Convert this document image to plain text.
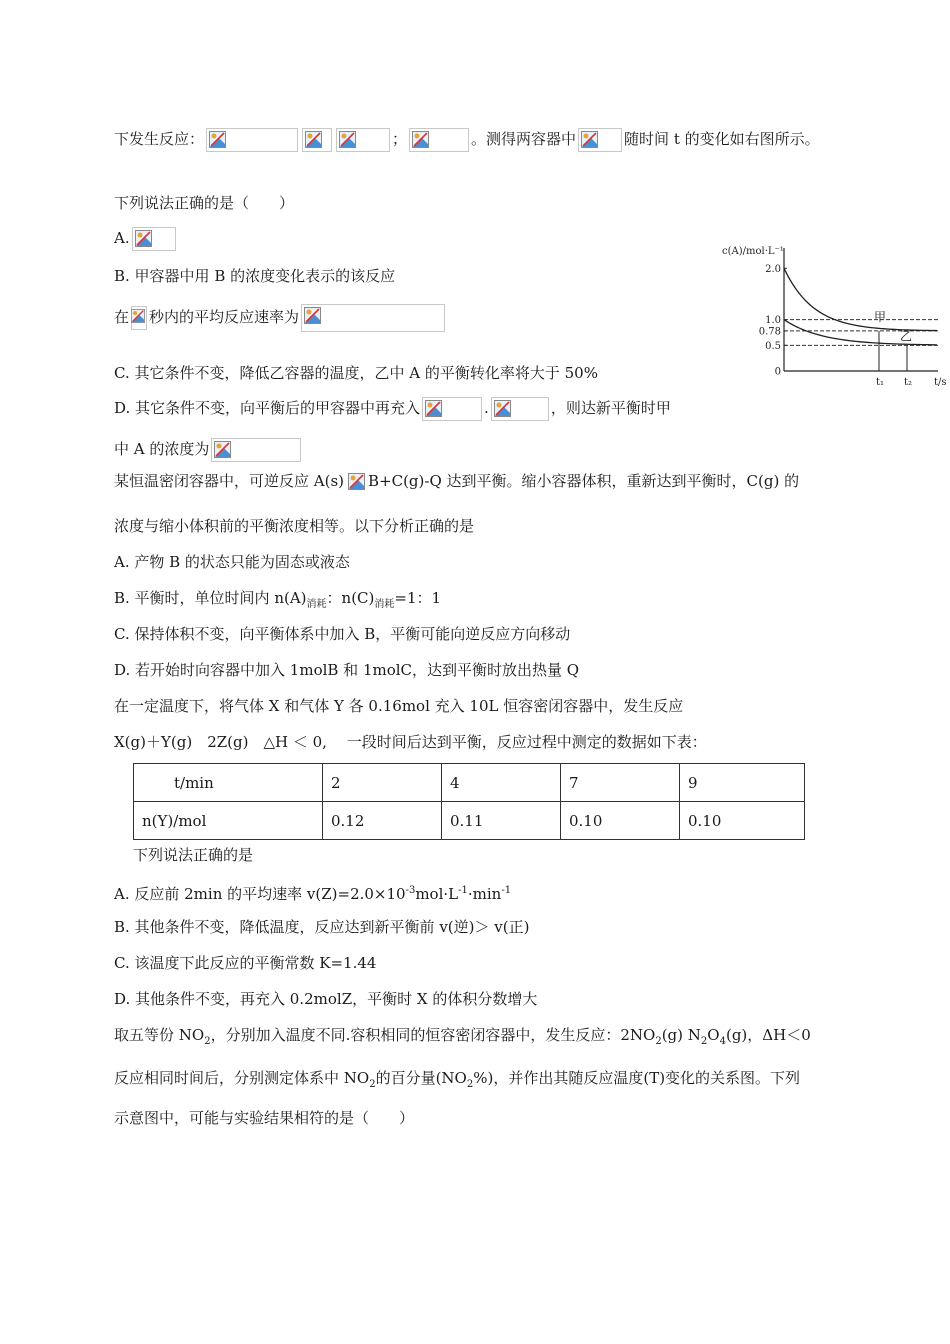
下发生反应：	；	。测得两容器中	随时间 t 的变化如右图所示。
下列说法正确的是（　　）
A.
B. 甲容器中用 B 的浓度变化表示的该反应
在 秒内的平均反应速率为
C. 其它条件不变，降低乙容器的温度，乙中 A 的平衡转化率将大于 50%
D. 其它条件不变，向平衡后的甲容器中再充入	.	，则达新平衡时甲
中 A 的浓度为
c(A)/mol·L⁻¹
t/s
2.0
1.0
0.78
0.5
0
t₁ t₂
甲
乙
某恒温密闭容器中，可逆反应 A(s) B+C(g)-Q 达到平衡。缩小容器体积，重新达到平衡时，C(g) 的
浓度与缩小体积前的平衡浓度相等。以下分析正确的是
A. 产物 B 的状态只能为固态或液态
B. 平衡时，单位时间内 $n(A)_{消耗}$：$n(C)_{消耗}=1$：1
C. 保持体积不变，向平衡体系中加入 B，平衡可能向逆反应方向移动
D. 若开始时向容器中加入 1molB 和 1molC，达到平衡时放出热量 Q
在一定温度下，将气体 X 和气体 Y 各 0.16mol 充入 10L 恒容密闭容器中，发生反应
X(g)＋Y(g)　2Z(g)　△H ＜ 0,　 一段时间后达到平衡，反应过程中测定的数据如下表：
t/min	2	4	7	9
n(Y)/mol	0.12	0.11	0.10	0.10
下列说法正确的是
A. 反应前 2min 的平均速率 $v(Z)=2.0\times 10^{-3}mol\cdot L^{-1}\cdot\min^{-1}$
B. 其他条件不变，降低温度，反应达到新平衡前 v(逆)＞ v(正)
C. 该温度下此反应的平衡常数 K=1.44
D. 其他条件不变，再充入 0.2molZ，平衡时 X 的体积分数增大
取五等份 $NO_2$，分别加入温度不同.容积相同的恒容密闭容器中，发生反应：$2NO_2(g)$ $N_2O_4(g)$，ΔH＜0
反应相同时间后，分别测定体系中 $NO_2$的百分量$(NO_2\%)$，并作出其随反应温度(T)变化的关系图。下列
示意图中，可能与实验结果相符的是（　　）
